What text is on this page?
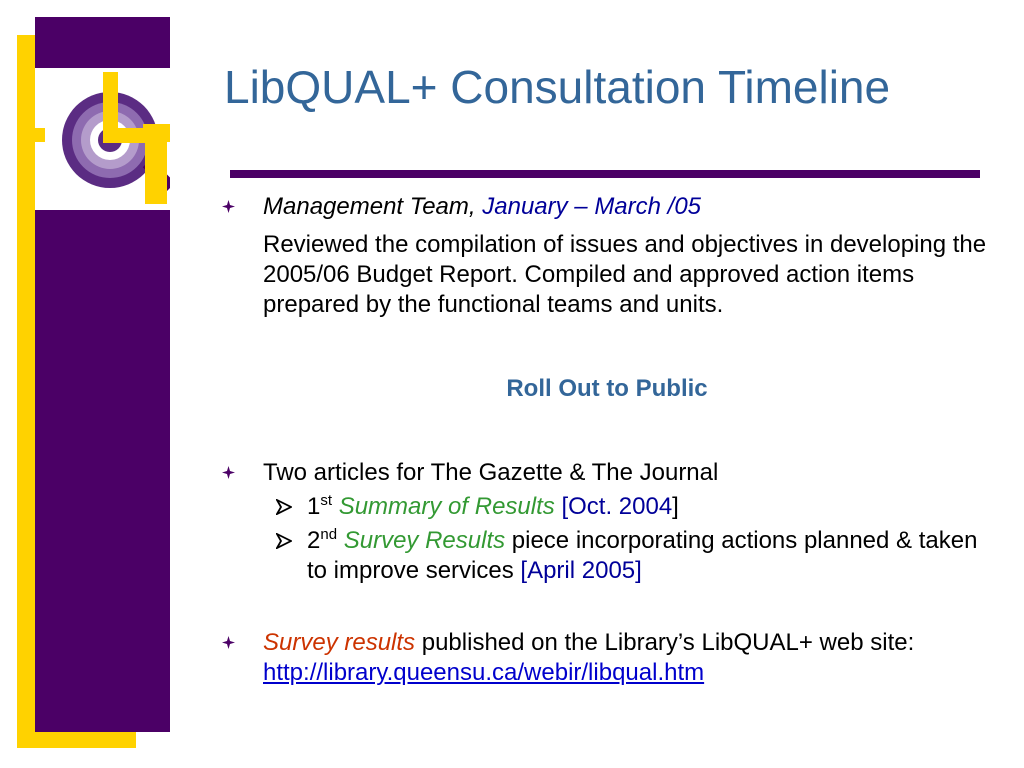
LibQUAL+ Consultation Timeline
Management Team, January – March /05
Reviewed the compilation of issues and objectives in developing the 2005/06 Budget Report. Compiled and approved action items prepared by the functional teams and units.
Roll Out to Public
Two articles for The Gazette & The Journal
1st Summary of Results [Oct. 2004]
2nd Survey Results piece incorporating actions planned & taken to improve services [April 2005]
Survey results published on the Library’s LibQUAL+ web site: http://library.queensu.ca/webir/libqual.htm
